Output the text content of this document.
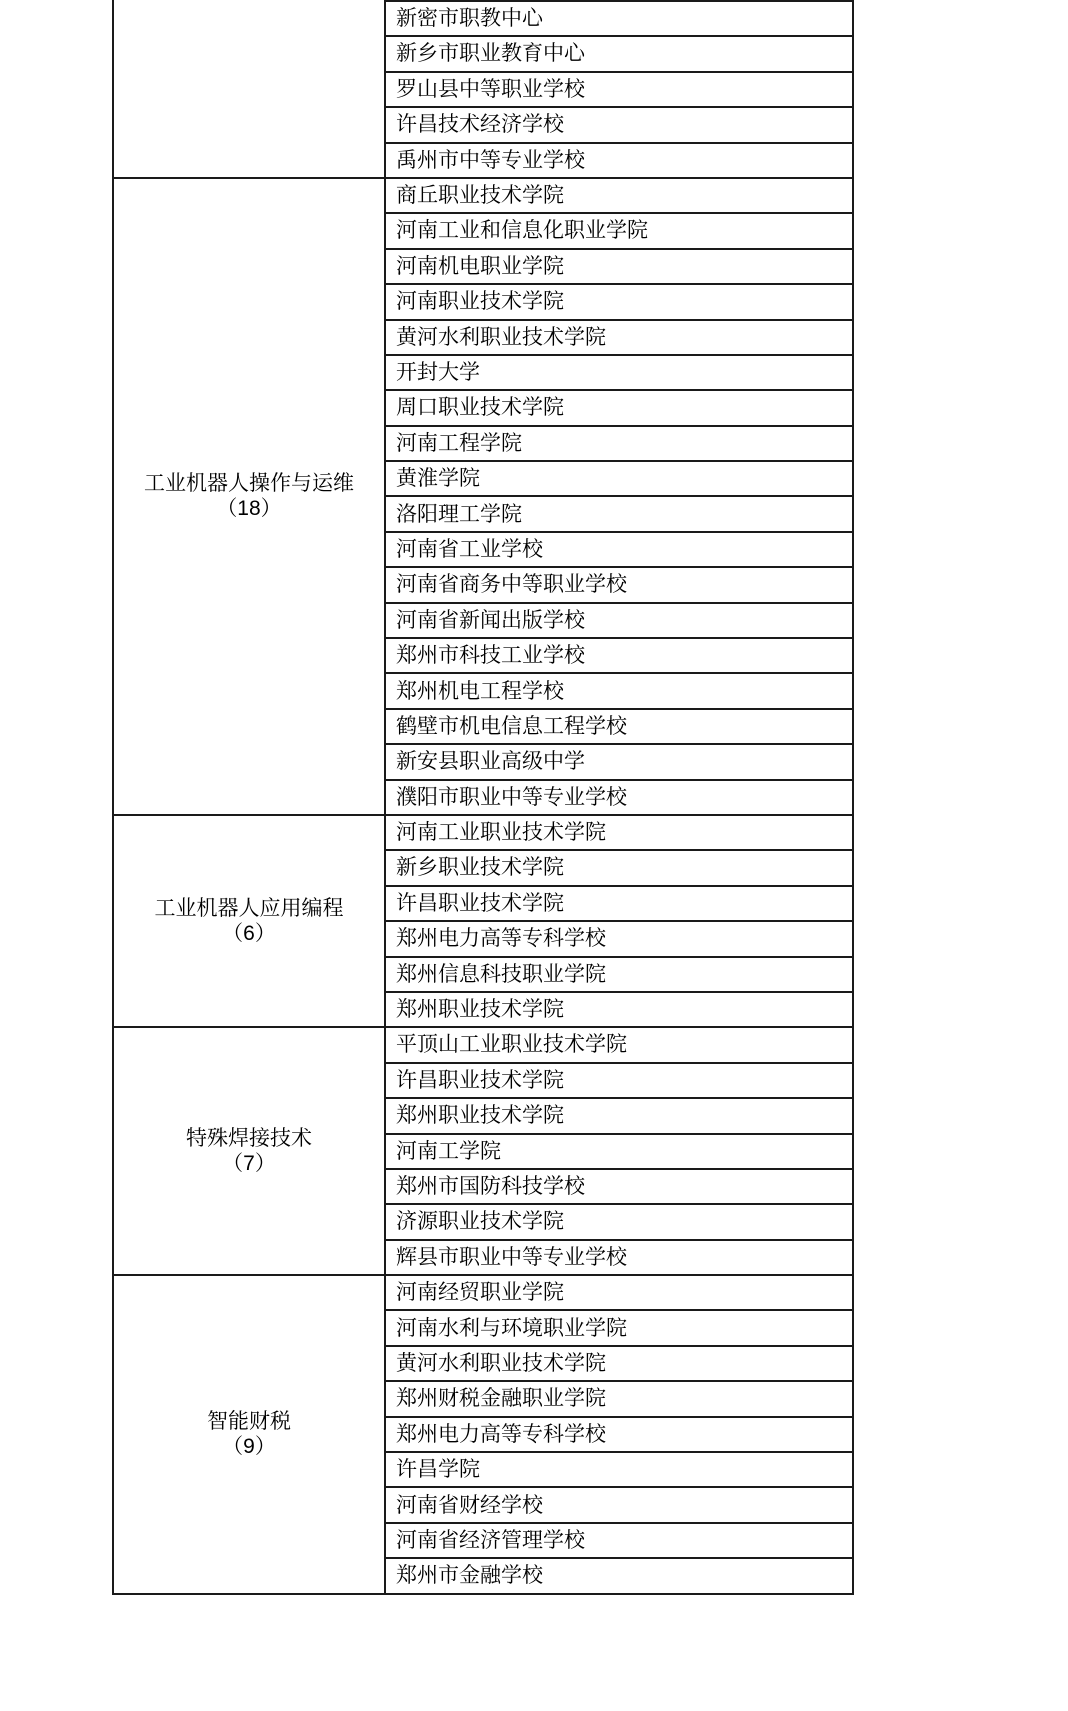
		新密市职教中心
	新乡市职业教育中心
	罗山县中等职业学校
	许昌技术经济学校
	禹州市中等专业学校

工业机器人操作与运维
（18）	商丘职业技术学院
	河南工业和信息化职业学院
	河南机电职业学院
	河南职业技术学院
	黄河水利职业技术学院
	开封大学
	周口职业技术学院
	河南工程学院
	黄淮学院
	洛阳理工学院
	河南省工业学校
	河南省商务中等职业学校
	河南省新闻出版学校
	郑州市科技工业学校
	郑州机电工程学校
	鹤壁市机电信息工程学校
	新安县职业高级中学
	濮阳市职业中等专业学校

工业机器人应用编程
（6）	河南工业职业技术学院
	新乡职业技术学院
	许昌职业技术学院
	郑州电力高等专科学校
	郑州信息科技职业学院
	郑州职业技术学院

特殊焊接技术
（7）	平顶山工业职业技术学院
	许昌职业技术学院
	郑州职业技术学院
	河南工学院
	郑州市国防科技学校
	济源职业技术学院
	辉县市职业中等专业学校

智能财税
（9）	河南经贸职业学院
	河南水利与环境职业学院
	黄河水利职业技术学院
	郑州财税金融职业学院
	郑州电力高等专科学校
	许昌学院
	河南省财经学校
	河南省经济管理学校
	郑州市金融学校
